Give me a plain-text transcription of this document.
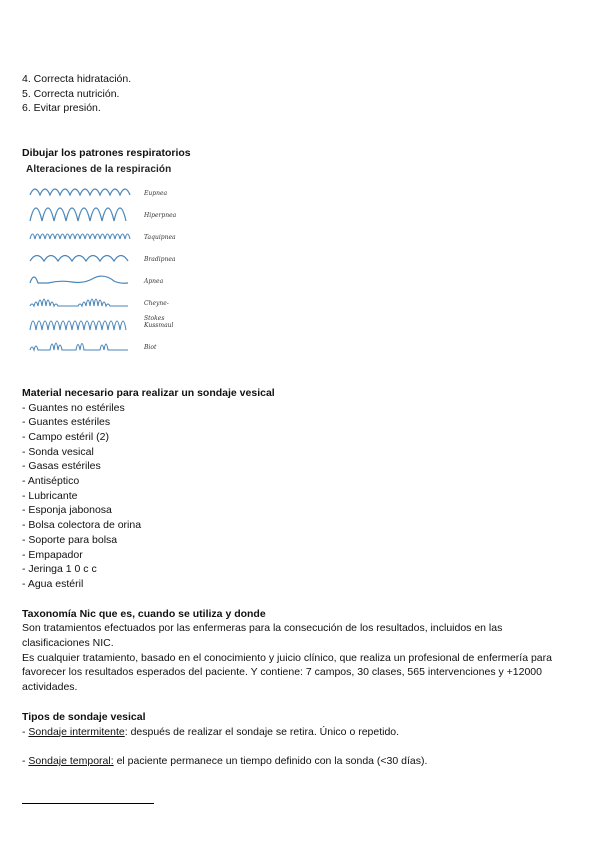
4. Correcta hidratación.
5. Correcta nutrición.
6. Evitar presión.
Dibujar los patrones respiratorios
Alteraciones de la respiración
Eupnea
Hiperpnea
Taquipnea
Bradipnea
Apnea
Cheyne-Stokes
Kussmaul
Biot
Material necesario para realizar un sondaje vesical
- Guantes no estériles
- Guantes estériles
- Campo estéril (2)
- Sonda vesical
- Gasas estériles
- Antiséptico
- Lubricante
- Esponja jabonosa
- Bolsa colectora de orina
- Soporte para bolsa
- Empapador
- Jeringa 1 0 c c
- Agua estéril
Taxonomía Nic que es, cuando se utiliza y donde
Son tratamientos efectuados por las enfermeras para la consecución de los resultados, incluidos en las clasificaciones NIC.
Es cualquier tratamiento, basado en el conocimiento y juicio clínico, que realiza un profesional de enfermería para favorecer los resultados esperados del paciente. Y contiene: 7 campos, 30 clases, 565 intervenciones y +12000 actividades.
Tipos de sondaje vesical
- Sondaje intermitente: después de realizar el sondaje se retira. Único o repetido.
- Sondaje temporal: el paciente permanece un tiempo definido con la sonda (<30 días).
